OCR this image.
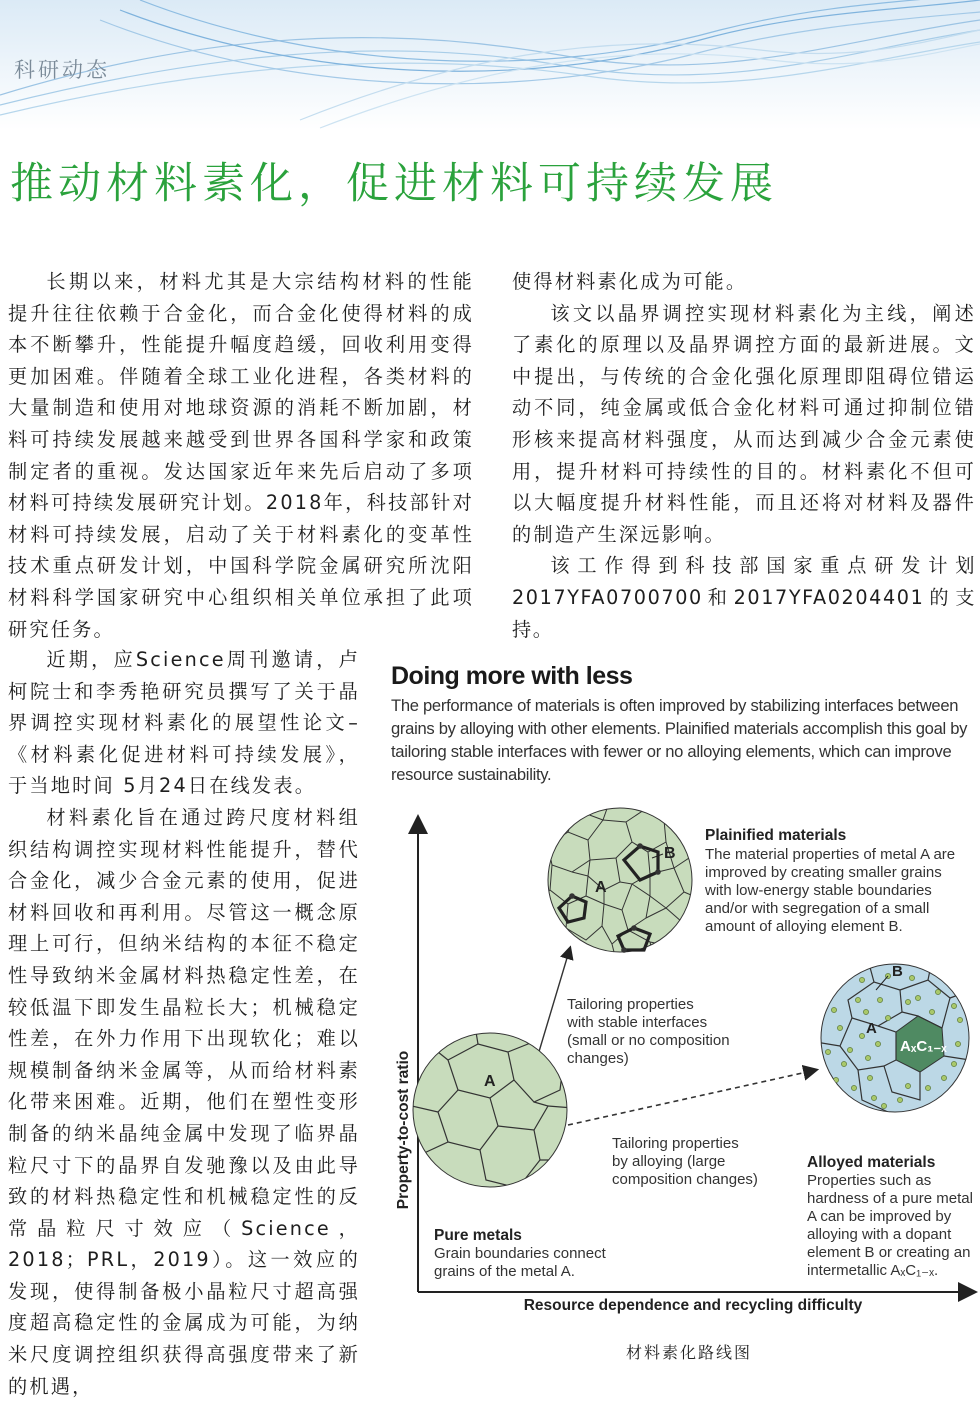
科研动态
推动材料素化，促进材料可持续发展

长期以来，材料尤其是大宗结构材料的性能提升往往依赖于合金化，而合金化使得材料的成本不断攀升，性能提升幅度趋缓，回收利用变得更加困难。伴随着全球工业化进程，各类材料的大量制造和使用对地球资源的消耗不断加剧，材料可持续发展越来越受到世界各国科学家和政策制定者的重视。发达国家近年来先后启动了多项材料可持续发展研究计划。2018年，科技部针对材料可持续发展，启动了关于材料素化的变革性技术重点研发计划，中国科学院金属研究所沈阳材料科学国家研究中心组织相关单位承担了此项研究任务。

近期，应Science周刊邀请，卢柯院士和李秀艳研究员撰写了关于晶界调控实现材料素化的展望性论文–《材料素化促进材料可持续发展》，于当地时间 5月24日在线发表。

材料素化旨在通过跨尺度材料组织结构调控实现材料性能提升，替代合金化，减少合金元素的使用，促进材料回收和再利用。尽管这一概念原理上可行，但纳米结构的本征不稳定性导致纳米金属材料热稳定性差，在较低温下即发生晶粒长大；机械稳定性差，在外力作用下出现软化；难以规模制备纳米金属等，从而给材料素化带来困难。近期，他们在塑性变形制备的纳米晶纯金属中发现了临界晶粒尺寸下的晶界自发驰豫以及由此导致的材料热稳定性和机械稳定性的反常晶粒尺寸效应（Science，2018；PRL，2019）。这一效应的发现，使得制备极小晶粒尺寸超高强度超高稳定性的金属成为可能，为纳米尺度调控组织获得高强度带来了新的机遇，

使得材料素化成为可能。

该文以晶界调控实现材料素化为主线，阐述了素化的原理以及晶界调控方面的最新进展。文中提出，与传统的合金化强化原理即阻碍位错运动不同，纯金属或低合金化材料可通过抑制位错形核来提高材料强度，从而达到减少合金元素使用，提升材料可持续性的目的。材料素化不但可以大幅度提升材料性能，而且还将对材料及器件的制造产生深远影响。

该工作得到科技部国家重点研发计划2017YFA0700700和2017YFA0204401的支持。

Doing more with less
The performance of materials is often improved by stabilizing interfaces between grains by alloying with other elements. Plainified materials accomplish this goal by tailoring stable interfaces with fewer or no alloying elements, which can improve resource sustainability.
Property-to-cost ratio
Resource dependence and recycling difficulty
A
B
Plainified materials
The material properties of metal A are
improved by creating smaller grains
with low-energy stable boundaries
and/or with segregation of a small
amount of alloying element B.
Tailoring properties
with stable interfaces
(small or no composition
changes)
Tailoring properties
by alloying (large
composition changes)
A
Pure metals
Grain boundaries connect
grains of the metal A.
A
B
AₓC₁₋ₓ
Alloyed materials
Properties such as
hardness of a pure metal
A can be improved by
alloying with a dopant
element B or creating an
intermetallic AₓC₁₋ₓ.
材料素化路线图
